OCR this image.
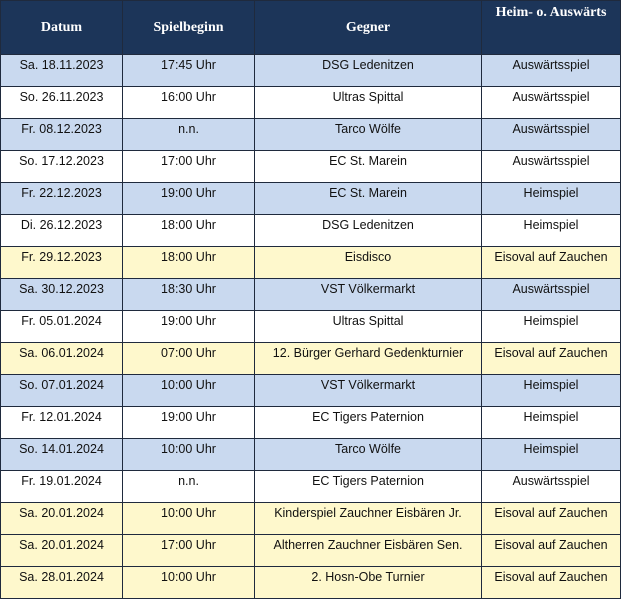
Datum	Spielbeginn	Gegner	Heim- o. Auswärts
Sa. 18.11.2023	17:45 Uhr	DSG Ledenitzen	Auswärtsspiel
So. 26.11.2023	16:00 Uhr	Ultras Spittal	Auswärtsspiel
Fr. 08.12.2023	n.n.	Tarco Wölfe	Auswärtsspiel
So. 17.12.2023	17:00 Uhr	EC St. Marein	Auswärtsspiel
Fr. 22.12.2023	19:00 Uhr	EC St. Marein	Heimspiel
Di. 26.12.2023	18:00 Uhr	DSG Ledenitzen	Heimspiel
Fr. 29.12.2023	18:00 Uhr	Eisdisco	Eisoval auf Zauchen
Sa. 30.12.2023	18:30 Uhr	VST Völkermarkt	Auswärtsspiel
Fr. 05.01.2024	19:00 Uhr	Ultras Spittal	Heimspiel
Sa. 06.01.2024	07:00 Uhr	12. Bürger Gerhard Gedenkturnier	Eisoval auf Zauchen
So. 07.01.2024	10:00 Uhr	VST Völkermarkt	Heimspiel
Fr. 12.01.2024	19:00 Uhr	EC Tigers Paternion	Heimspiel
So. 14.01.2024	10:00 Uhr	Tarco Wölfe	Heimspiel
Fr. 19.01.2024	n.n.	EC Tigers Paternion	Auswärtsspiel
Sa. 20.01.2024	10:00 Uhr	Kinderspiel Zauchner Eisbären Jr.	Eisoval auf Zauchen
Sa. 20.01.2024	17:00 Uhr	Altherren Zauchner Eisbären Sen.	Eisoval auf Zauchen
Sa. 28.01.2024	10:00 Uhr	2. Hosn-Obe Turnier	Eisoval auf Zauchen
